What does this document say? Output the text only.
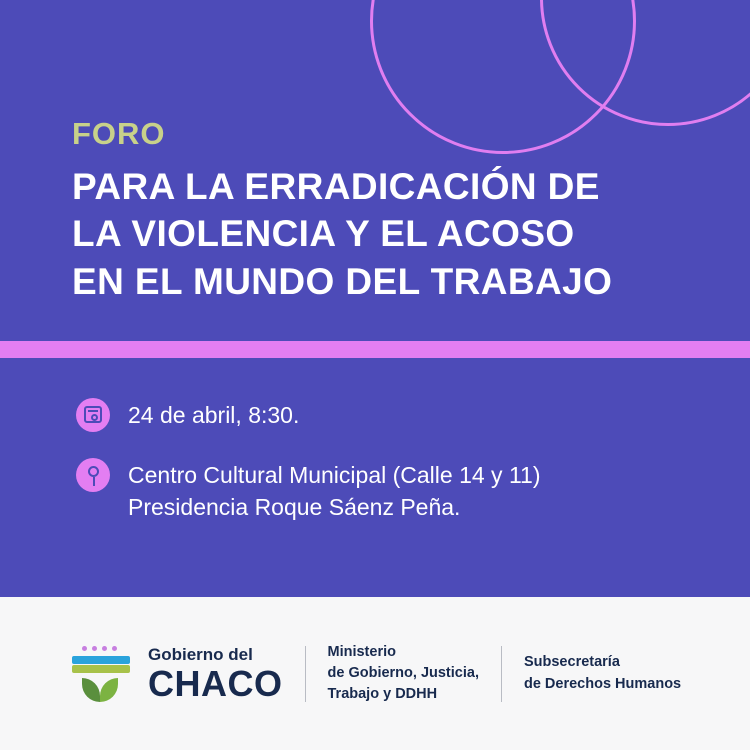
FORO
PARA LA ERRADICACIÓN DE
LA VIOLENCIA Y EL ACOSO
EN EL MUNDO DEL TRABAJO
24 de abril, 8:30.
Centro Cultural Municipal (Calle 14 y 11)
Presidencia Roque Sáenz Peña.
Gobierno del
CHACO
Ministerio
de Gobierno, Justicia,
Trabajo y DDHH
Subsecretaría
de Derechos Humanos
